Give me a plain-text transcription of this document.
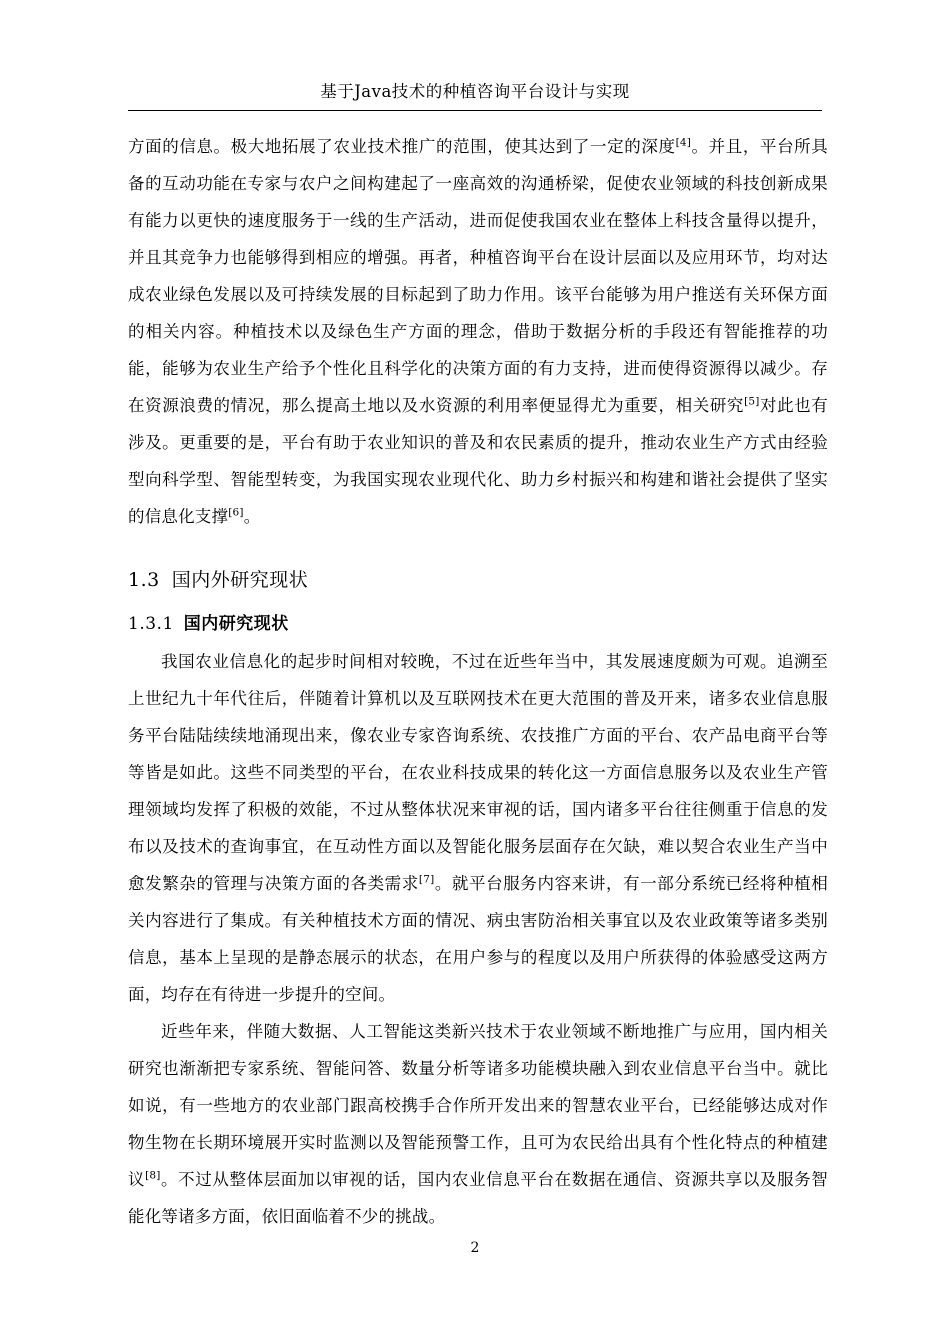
基于Java技术的种植咨询平台设计与实现

方面的信息。极大地拓展了农业技术推广的范围，使其达到了一定的深度[4]。并且，平台所具备的互动功能在专家与农户之间构建起了一座高效的沟通桥梁，促使农业领域的科技创新成果有能力以更快的速度服务于一线的生产活动，进而促使我国农业在整体上科技含量得以提升，并且其竞争力也能够得到相应的增强。再者，种植咨询平台在设计层面以及应用环节，均对达成农业绿色发展以及可持续发展的目标起到了助力作用。该平台能够为用户推送有关环保方面的相关内容。种植技术以及绿色生产方面的理念，借助于数据分析的手段还有智能推荐的功能，能够为农业生产给予个性化且科学化的决策方面的有力支持，进而使得资源得以减少。存在资源浪费的情况，那么提高土地以及水资源的利用率便显得尤为重要，相关研究[5]对此也有涉及。更重要的是，平台有助于农业知识的普及和农民素质的提升，推动农业生产方式由经验型向科学型、智能型转变，为我国实现农业现代化、助力乡村振兴和构建和谐社会提供了坚实的信息化支撑[6]。

1.3 国内外研究现状
1.3.1 国内研究现状

我国农业信息化的起步时间相对较晚，不过在近些年当中，其发展速度颇为可观。追溯至上世纪九十年代往后，伴随着计算机以及互联网技术在更大范围的普及开来，诸多农业信息服务平台陆陆续续地涌现出来，像农业专家咨询系统、农技推广方面的平台、农产品电商平台等等皆是如此。这些不同类型的平台，在农业科技成果的转化这一方面信息服务以及农业生产管理领域均发挥了积极的效能，不过从整体状况来审视的话，国内诸多平台往往侧重于信息的发布以及技术的查询事宜，在互动性方面以及智能化服务层面存在欠缺，难以契合农业生产当中愈发繁杂的管理与决策方面的各类需求[7]。就平台服务内容来讲，有一部分系统已经将种植相关内容进行了集成。有关种植技术方面的情况、病虫害防治相关事宜以及农业政策等诸多类别信息，基本上呈现的是静态展示的状态，在用户参与的程度以及用户所获得的体验感受这两方面，均存在有待进一步提升的空间。

近些年来，伴随大数据、人工智能这类新兴技术于农业领域不断地推广与应用，国内相关研究也渐渐把专家系统、智能问答、数量分析等诸多功能模块融入到农业信息平台当中。就比如说，有一些地方的农业部门跟高校携手合作所开发出来的智慧农业平台，已经能够达成对作物生物在长期环境展开实时监测以及智能预警工作，且可为农民给出具有个性化特点的种植建议[8]。不过从整体层面加以审视的话，国内农业信息平台在数据在通信、资源共享以及服务智能化等诸多方面，依旧面临着不少的挑战。

2
